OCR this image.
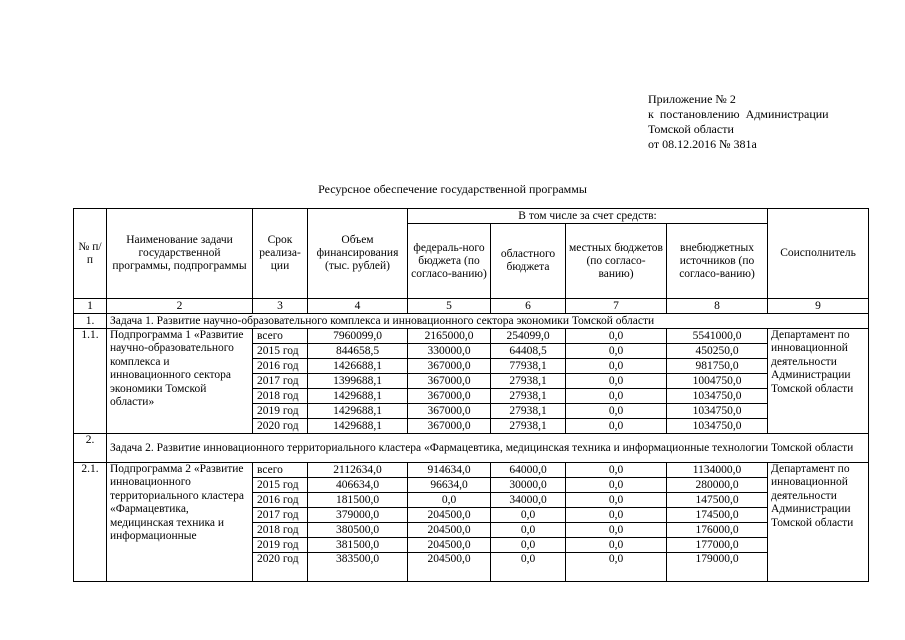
Приложение № 2
к  постановлению  Администрации
Томской области
от 08.12.2016 № 381а
Ресурсное обеспечение государственной программы
№ п/п	Наименование задачи государственной программы, подпрограммы	Срок реализа-ции	Объем финансирования (тыс. рублей)	В том числе за счет средств:				Соисполнитель
				федераль-ного бюджета (по согласо-ванию)	областного бюджета	местных бюджетов (по согласо-ванию)	внебюджетных источников (по согласо-ванию)	
1	2	3	4	5	6	7	8	9
1.	Задача 1. Развитие научно-образовательного комплекса и инновационного сектора экономики Томской области							
1.1.	Подпрограмма 1 «Развитие научно-образовательного комплекса и инновационного сектора экономики Томской области»	всего	7960099,0	2165000,0	254099,0	0,0	5541000,0	Департамент по инновационной деятельности Администрации Томской области
		2015 год	844658,5	330000,0	64408,5	0,0	450250,0	
		2016 год	1426688,1	367000,0	77938,1	0,0	981750,0	
		2017 год	1399688,1	367000,0	27938,1	0,0	1004750,0	
		2018 год	1429688,1	367000,0	27938,1	0,0	1034750,0	
		2019 год	1429688,1	367000,0	27938,1	0,0	1034750,0	
		2020 год	1429688,1	367000,0	27938,1	0,0	1034750,0	
2.	Задача 2. Развитие инновационного территориального кластера «Фармацевтика, медицинская техника и информационные технологии Томской области							
2.1.	Подпрограмма 2 «Развитие инновационного территориального кластера «Фармацевтика, медицинская техника и информационные	всего	2112634,0	914634,0	64000,0	0,0	1134000,0	Департамент по инновационной деятельности Администрации Томской области
		2015 год	406634,0	96634,0	30000,0	0,0	280000,0	
		2016 год	181500,0	0,0	34000,0	0,0	147500,0	
		2017 год	379000,0	204500,0	0,0	0,0	174500,0	
		2018 год	380500,0	204500,0	0,0	0,0	176000,0	
		2019 год	381500,0	204500,0	0,0	0,0	177000,0	
		2020 год	383500,0	204500,0	0,0	0,0	179000,0	
